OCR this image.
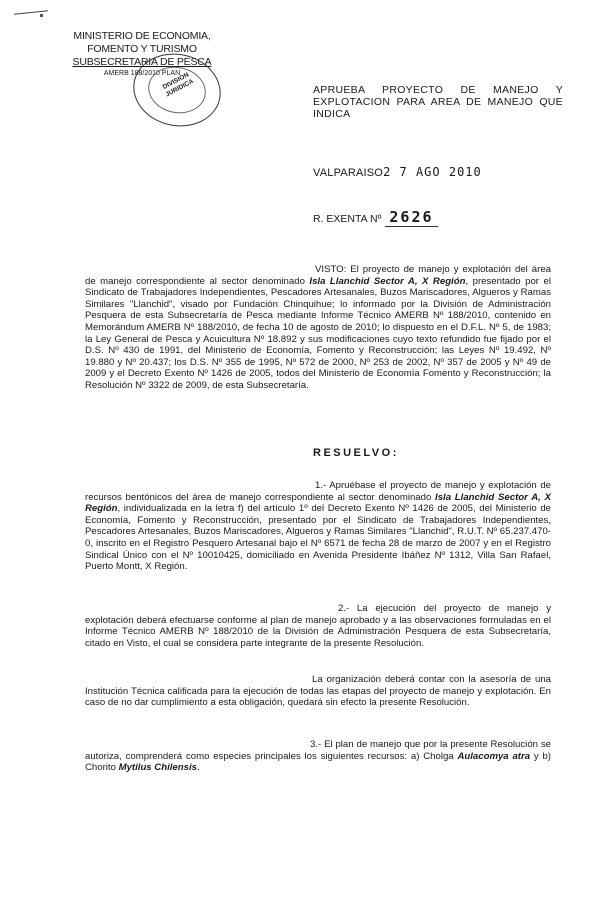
MINISTERIO DE ECONOMIA,
FOMENTO Y TURISMO
SUBSECRETARIA DE PESCA
AMERB 188/2010 PLAN
DIVISION JURIDICA	APRUEBA PROYECTO DE MANEJO Y EXPLOTACION PARA AREA DE MANEJO QUE INDICA
VALPARAISO2 7 AGO 2010
R. EXENTA Nº 2626
VISTO: El proyecto de manejo y explotación del área de manejo correspondiente al sector denominado Isla Llanchid Sector A, X Región, presentado por el Sindicato de Trabajadores Independientes, Pescadores Artesanales, Buzos Mariscadores, Algueros y Ramas Similares "Llanchid", visado por Fundación Chinquihue; lo informado por la División de Administración Pesquera de esta Subsecretaría de Pesca mediante Informe Técnico AMERB Nº 188/2010, contenido en Memorándum AMERB Nº 188/2010, de fecha 10 de agosto de 2010; lo dispuesto en el D.F.L. Nº 5, de 1983; la Ley General de Pesca y Acuicultura Nº 18.892 y sus modificaciones cuyo texto refundido fue fijado por el D.S. Nº 430 de 1991, del Ministerio de Economía, Fomento y Reconstrucción; las Leyes Nº 19.492, Nº 19.880 y Nº 20.437; los D.S. Nº 355 de 1995, Nº 572 de 2000, Nº 253 de 2002, Nº 357 de 2005 y Nº 49 de 2009 y el Decreto Exento Nº 1426 de 2005, todos del Ministerio de Economía Fomento y Reconstrucción; la Resolución Nº 3322 de 2009, de esta Subsecretaría.
RESUELVO:
1.- Apruébase el proyecto de manejo y explotación de recursos bentónicos del área de manejo correspondiente al sector denominado Isla Llanchid Sector A, X Región, individualizada en la letra f) del artículo 1º del Decreto Exento Nº 1426 de 2005, del Ministerio de Economía, Fomento y Reconstrucción, presentado por el Sindicato de Trabajadores Independientes, Pescadores Artesanales, Buzos Mariscadores, Algueros y Ramas Similares "Llanchid", R.U.T. Nº 65.237.470-0, inscrito en el Registro Pesquero Artesanal bajo el Nº 6571 de fecha 28 de marzo de 2007 y en el Registro Sindical Único con el Nº 10010425, domiciliado en Avenida Presidente Ibáñez Nº 1312, Villa San Rafael, Puerto Montt, X Región.
2.- La ejecución del proyecto de manejo y explotación deberá efectuarse conforme al plan de manejo aprobado y a las observaciones formuladas en el Informe Técnico AMERB Nº 188/2010 de la División de Administración Pesquera de esta Subsecretaría, citado en Visto, el cual se considera parte integrante de la presente Resolución.
La organización deberá contar con la asesoría de una Institución Técnica calificada para la ejecución de todas las etapas del proyecto de manejo y explotación. En caso de no dar cumplimiento a esta obligación, quedará sin efecto la presente Resolución.
3.- El plan de manejo que por la presente Resolución se autoriza, comprenderá como especies principales los siguientes recursos: a) Cholga Aulacomya atra y b) Chorito Mytilus Chilensis.
